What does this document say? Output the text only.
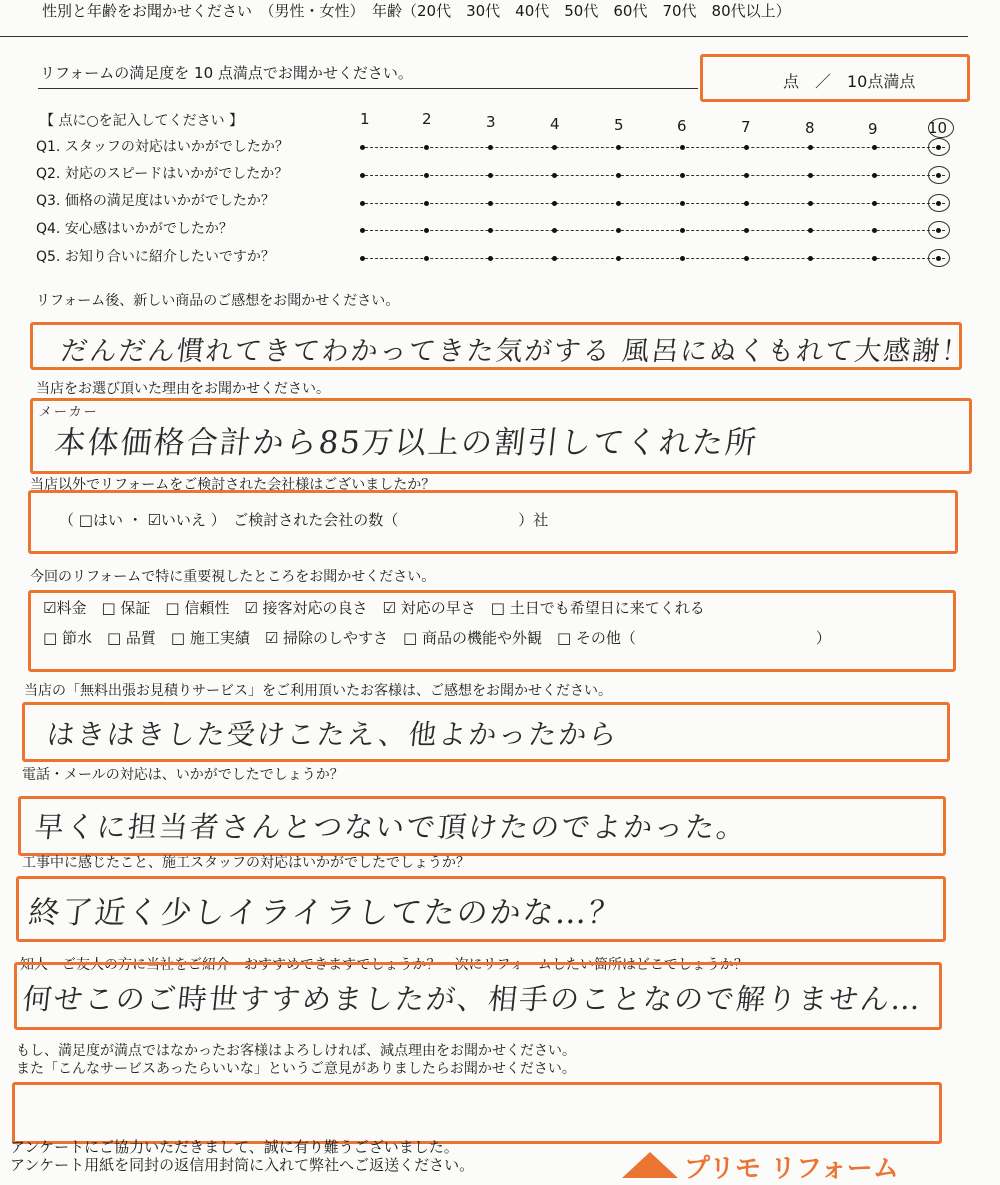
性別と年齢をお聞かせください　（男性・女性）　年齢（20代　30代　40代　50代　60代　70代　80代以上）
リフォームの満足度を 10 点満点でお聞かせください。	点　／　10点満点
【 点に○を記入してください 】	1	2	3	4	5	6	7	8	9	10
Q1. スタッフの対応はいかがでしたか？
Q2. 対応のスピードはいかがでしたか？
Q3. 価格の満足度はいかがでしたか？
Q4. 安心感はいかがでしたか？
Q5. お知り合いに紹介したいですか？
リフォーム後、新しい商品のご感想をお聞かせください。
だんだん慣れてきてわかってきた気がする 風呂にぬくもれて大感謝！
当店をお選び頂いた理由をお聞かせください。
メーカー
本体価格合計から85万以上の割引してくれた所
当店以外でリフォームをご検討された会社様はございましたか？
（ □はい ・ ☑いいえ ）　ご検討された会社の数（　　　　　　　　）社
今回のリフォームで特に重要視したところをお聞かせください。
☑料金　□ 保証　□ 信頼性　☑ 接客対応の良さ　☑ 対応の早さ　□ 土日でも希望日に来てくれる
□ 節水　□ 品質　□ 施工実績　☑ 掃除のしやすさ　□ 商品の機能や外観　□ その他（　　　　　　　　　　　　）
当店の「無料出張お見積りサービス」をご利用頂いたお客様は、ご感想をお聞かせください。
はきはきした受けこたえ、他よかったから
電話・メールの対応は、いかがでしたでしょうか？
早くに担当者さんとつないで頂けたのでよかった。
工事中に感じたこと、施工スタッフの対応はいかがでしたでしょうか？
終了近く少しイライラしてたのかな…？
知人・ご友人の方に当社をご紹介・おすすめできますでしょうか？　次にリフォームしたい箇所はどこでしょうか？
何せこのご時世すすめましたが、相手のことなので解りません…
もし、満足度が満点ではなかったお客様はよろしければ、減点理由をお聞かせください。
また「こんなサービスあったらいいな」というご意見がありましたらお聞かせください。
アンケートにご協力いただきまして、誠に有り難うございました。
アンケート用紙を同封の返信用封筒に入れて弊社へご返送ください。	プリモ リフォーム
